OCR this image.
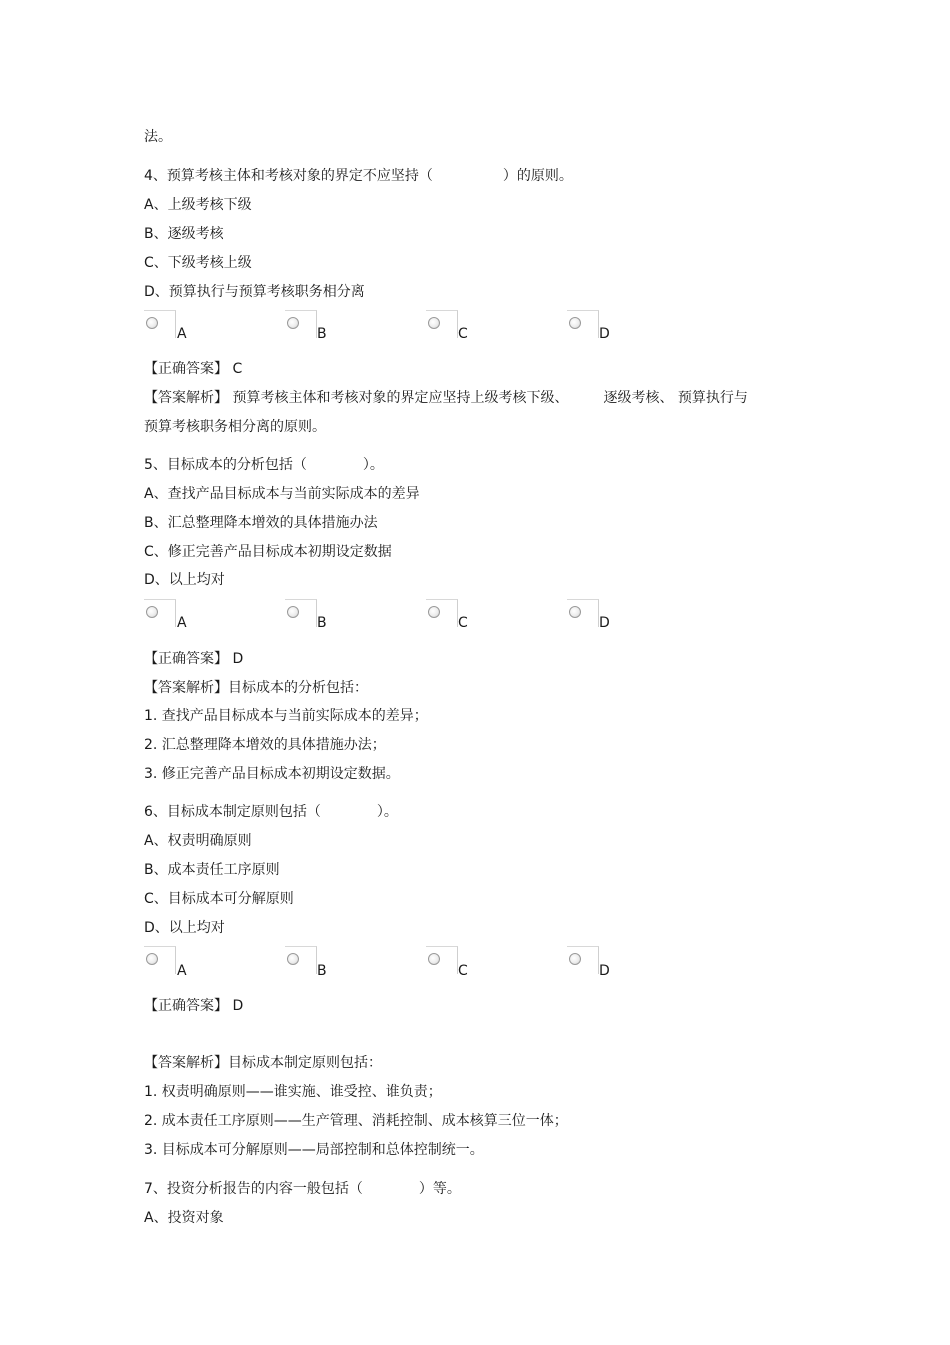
法。
4、预算考核主体和考核对象的界定不应坚持（　　　　　）的原则。
A、上级考核下级
B、逐级考核
C、下级考核上级
D、预算执行与预算考核职务相分离
A	B	C	D
【正确答案】 C
【答案解析】 预算考核主体和考核对象的界定应坚持上级考核下级、　　　逐级考核、 预算执行与
预算考核职务相分离的原则。
5、目标成本的分析包括（　　　　）。
A、查找产品目标成本与当前实际成本的差异
B、汇总整理降本增效的具体措施办法
C、修正完善产品目标成本初期设定数据
D、以上均对
A	B	C	D
【正确答案】 D
【答案解析】目标成本的分析包括：
1. 查找产品目标成本与当前实际成本的差异；
2. 汇总整理降本增效的具体措施办法；
3. 修正完善产品目标成本初期设定数据。
6、目标成本制定原则包括（　　　　）。
A、权责明确原则
B、成本责任工序原则
C、目标成本可分解原则
D、以上均对
A	B	C	D
【正确答案】 D
【答案解析】目标成本制定原则包括：
1. 权责明确原则——谁实施、谁受控、谁负责；
2. 成本责任工序原则——生产管理、消耗控制、成本核算三位一体；
3. 目标成本可分解原则——局部控制和总体控制统一。
7、投资分析报告的内容一般包括（　　　　）等。
A、投资对象
